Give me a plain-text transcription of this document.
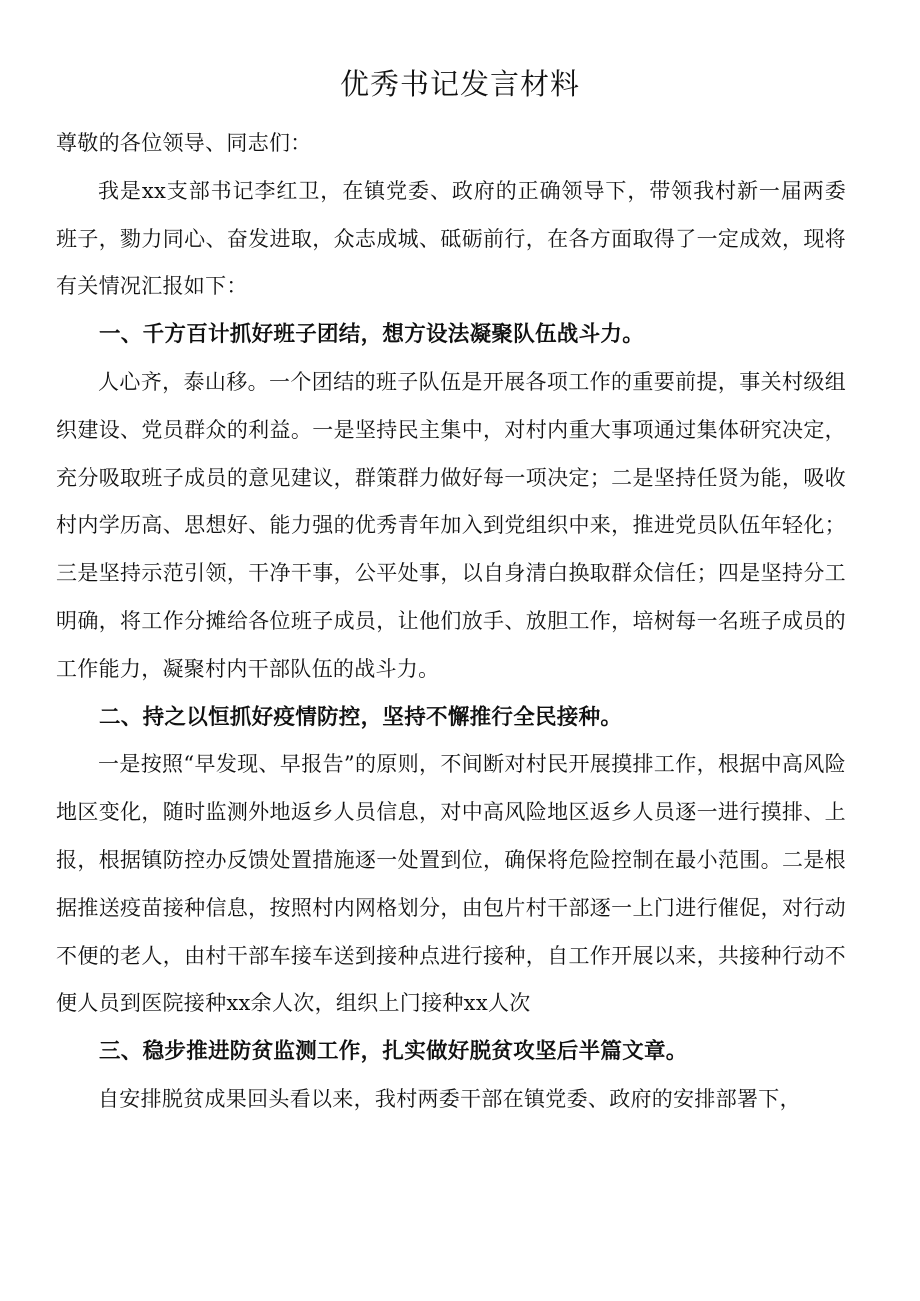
优秀书记发言材料

尊敬的各位领导、同志们：

我是xx支部书记李红卫，在镇党委、政府的正确领导下，带领我村新一届两委班子，勠力同心、奋发进取，众志成城、砥砺前行，在各方面取得了一定成效，现将有关情况汇报如下：

一、千方百计抓好班子团结，想方设法凝聚队伍战斗力。

人心齐，泰山移。一个团结的班子队伍是开展各项工作的重要前提，事关村级组织建设、党员群众的利益。一是坚持民主集中，对村内重大事项通过集体研究决定，充分吸取班子成员的意见建议，群策群力做好每一项决定；二是坚持任贤为能，吸收村内学历高、思想好、能力强的优秀青年加入到党组织中来，推进党员队伍年轻化；三是坚持示范引领，干净干事，公平处事，以自身清白换取群众信任；四是坚持分工明确，将工作分摊给各位班子成员，让他们放手、放胆工作，培树每一名班子成员的工作能力，凝聚村内干部队伍的战斗力。

二、持之以恒抓好疫情防控，坚持不懈推行全民接种。

一是按照“早发现、早报告”的原则，不间断对村民开展摸排工作，根据中高风险地区变化，随时监测外地返乡人员信息，对中高风险地区返乡人员逐一进行摸排、上报，根据镇防控办反馈处置措施逐一处置到位，确保将危险控制在最小范围。二是根据推送疫苗接种信息，按照村内网格划分，由包片村干部逐一上门进行催促，对行动不便的老人，由村干部车接车送到接种点进行接种，自工作开展以来，共接种行动不便人员到医院接种xx余人次，组织上门接种xx人次

三、稳步推进防贫监测工作，扎实做好脱贫攻坚后半篇文章。

自安排脱贫成果回头看以来，我村两委干部在镇党委、政府的安排部署下，
